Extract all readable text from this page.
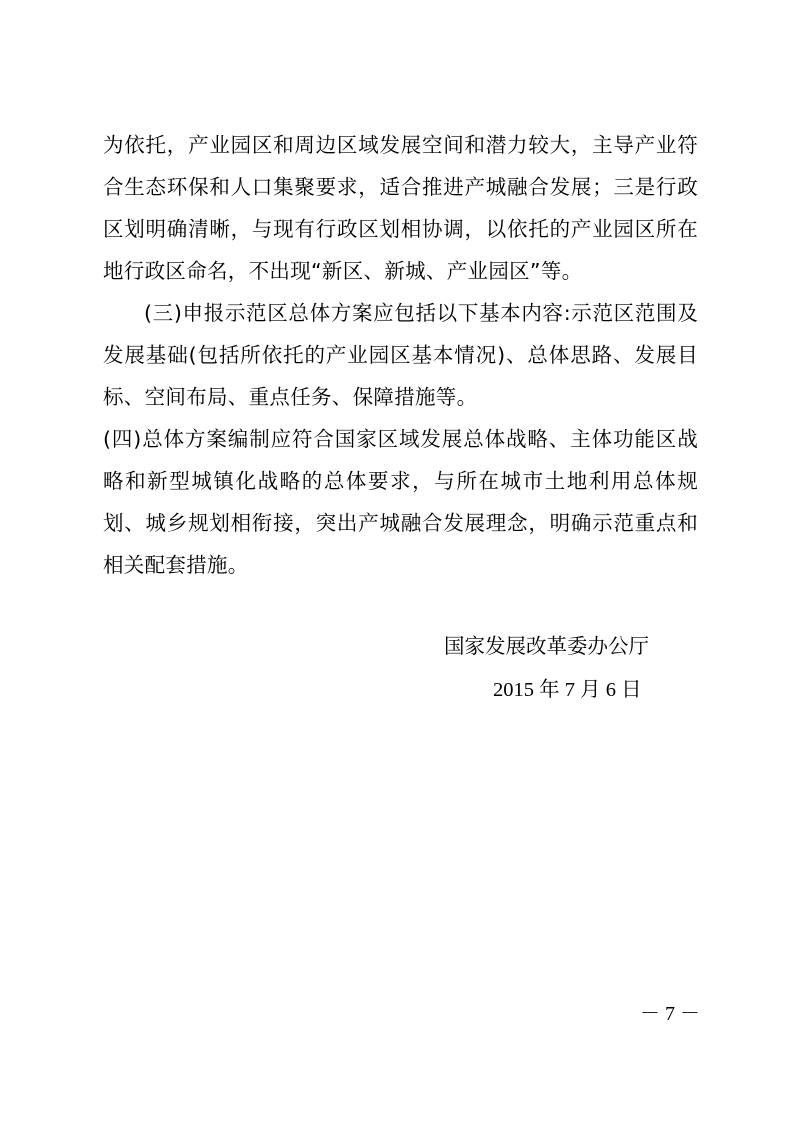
为依托，产业园区和周边区域发展空间和潜力较大，主导产业符合生态环保和人口集聚要求，适合推进产城融合发展；三是行政区划明确清晰，与现有行政区划相协调，以依托的产业园区所在地行政区命名，不出现“新区、新城、产业园区”等。

(三)申报示范区总体方案应包括以下基本内容:示范区范围及发展基础(包括所依托的产业园区基本情况)、总体思路、发展目标、空间布局、重点任务、保障措施等。

(四)总体方案编制应符合国家区域发展总体战略、主体功能区战略和新型城镇化战略的总体要求，与所在城市土地利用总体规划、城乡规划相衔接，突出产城融合发展理念，明确示范重点和相关配套措施。

国家发展改革委办公厅
2015 年 7 月 6 日
－ 7 －
